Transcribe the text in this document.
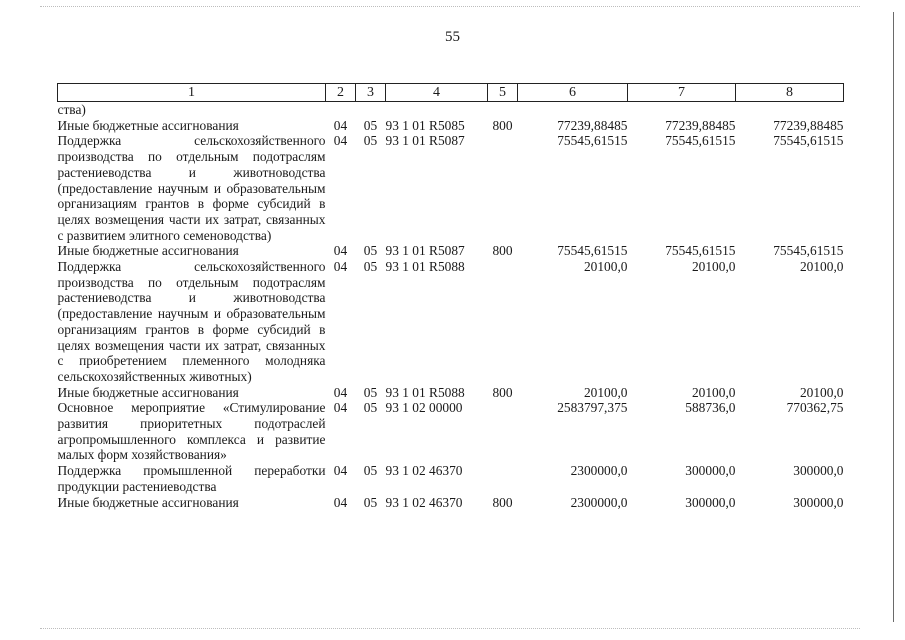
55
1	2	3	4	5	6	7	8
ства)							
Иные бюджетные ассигнования	04	05	93 1 01 R5085	800	77239,88485	77239,88485	77239,88485
Поддержка сельскохозяйственного производства по отдельным подотраслям растениеводства и животноводства (предоставление научным и образовательным организациям грантов в форме субсидий в целях возмещения части их затрат, связанных с развитием элитного семеноводства)	04	05	93 1 01 R5087		75545,61515	75545,61515	75545,61515
Иные бюджетные ассигнования	04	05	93 1 01 R5087	800	75545,61515	75545,61515	75545,61515
Поддержка сельскохозяйственного производства по отдельным подотраслям растениеводства и животноводства (предоставление научным и образовательным организациям грантов в форме субсидий в целях возмещения части их затрат, связанных с приобретением племенного молодняка сельскохозяйственных животных)	04	05	93 1 01 R5088		20100,0	20100,0	20100,0
Иные бюджетные ассигнования	04	05	93 1 01 R5088	800	20100,0	20100,0	20100,0
Основное мероприятие «Стимулирование развития приоритетных подотраслей агропромышленного комплекса и развитие малых форм хозяйствования»	04	05	93 1 02 00000		2583797,375	588736,0	770362,75
Поддержка промышленной переработки продукции растениеводства	04	05	93 1 02 46370		2300000,0	300000,0	300000,0
Иные бюджетные ассигнования	04	05	93 1 02 46370	800	2300000,0	300000,0	300000,0
